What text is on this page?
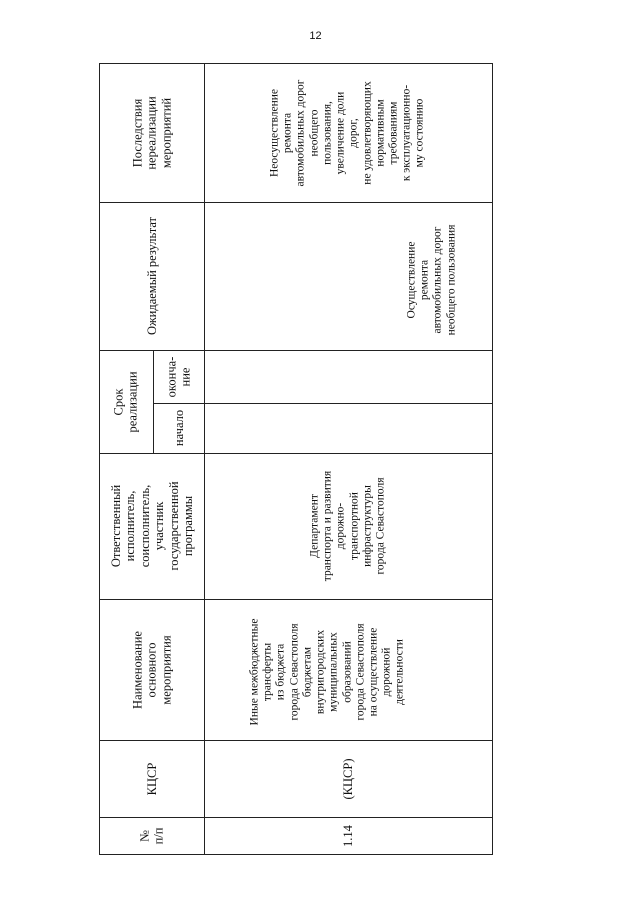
12
Последствия нереализации мероприятий
Ожидаемый результат
Срок реализации оконча- ние
начало
Ответственный исполнитель, соисполнитель, участник государственной программы
Наименование основного мероприятия
КЦСР
№ п/п
Неосуществление ремонта автомобильных дорог необщего пользования, увеличение доли дорог, не удовлетворяющих нормативным требованиям к эксплуатационно- му состоянию
Осуществление ремонта автомобильных дорог необщего пользования
Департамент транспорта и развития дорожно- транспортной инфраструктуры города Севастополя
Иные межбюджетные трансферты из бюджета города Севастополя бюджетам внутригородских муниципальных образований города Севастополя на осуществление дорожной деятельности
(КЦСР)
1.14
